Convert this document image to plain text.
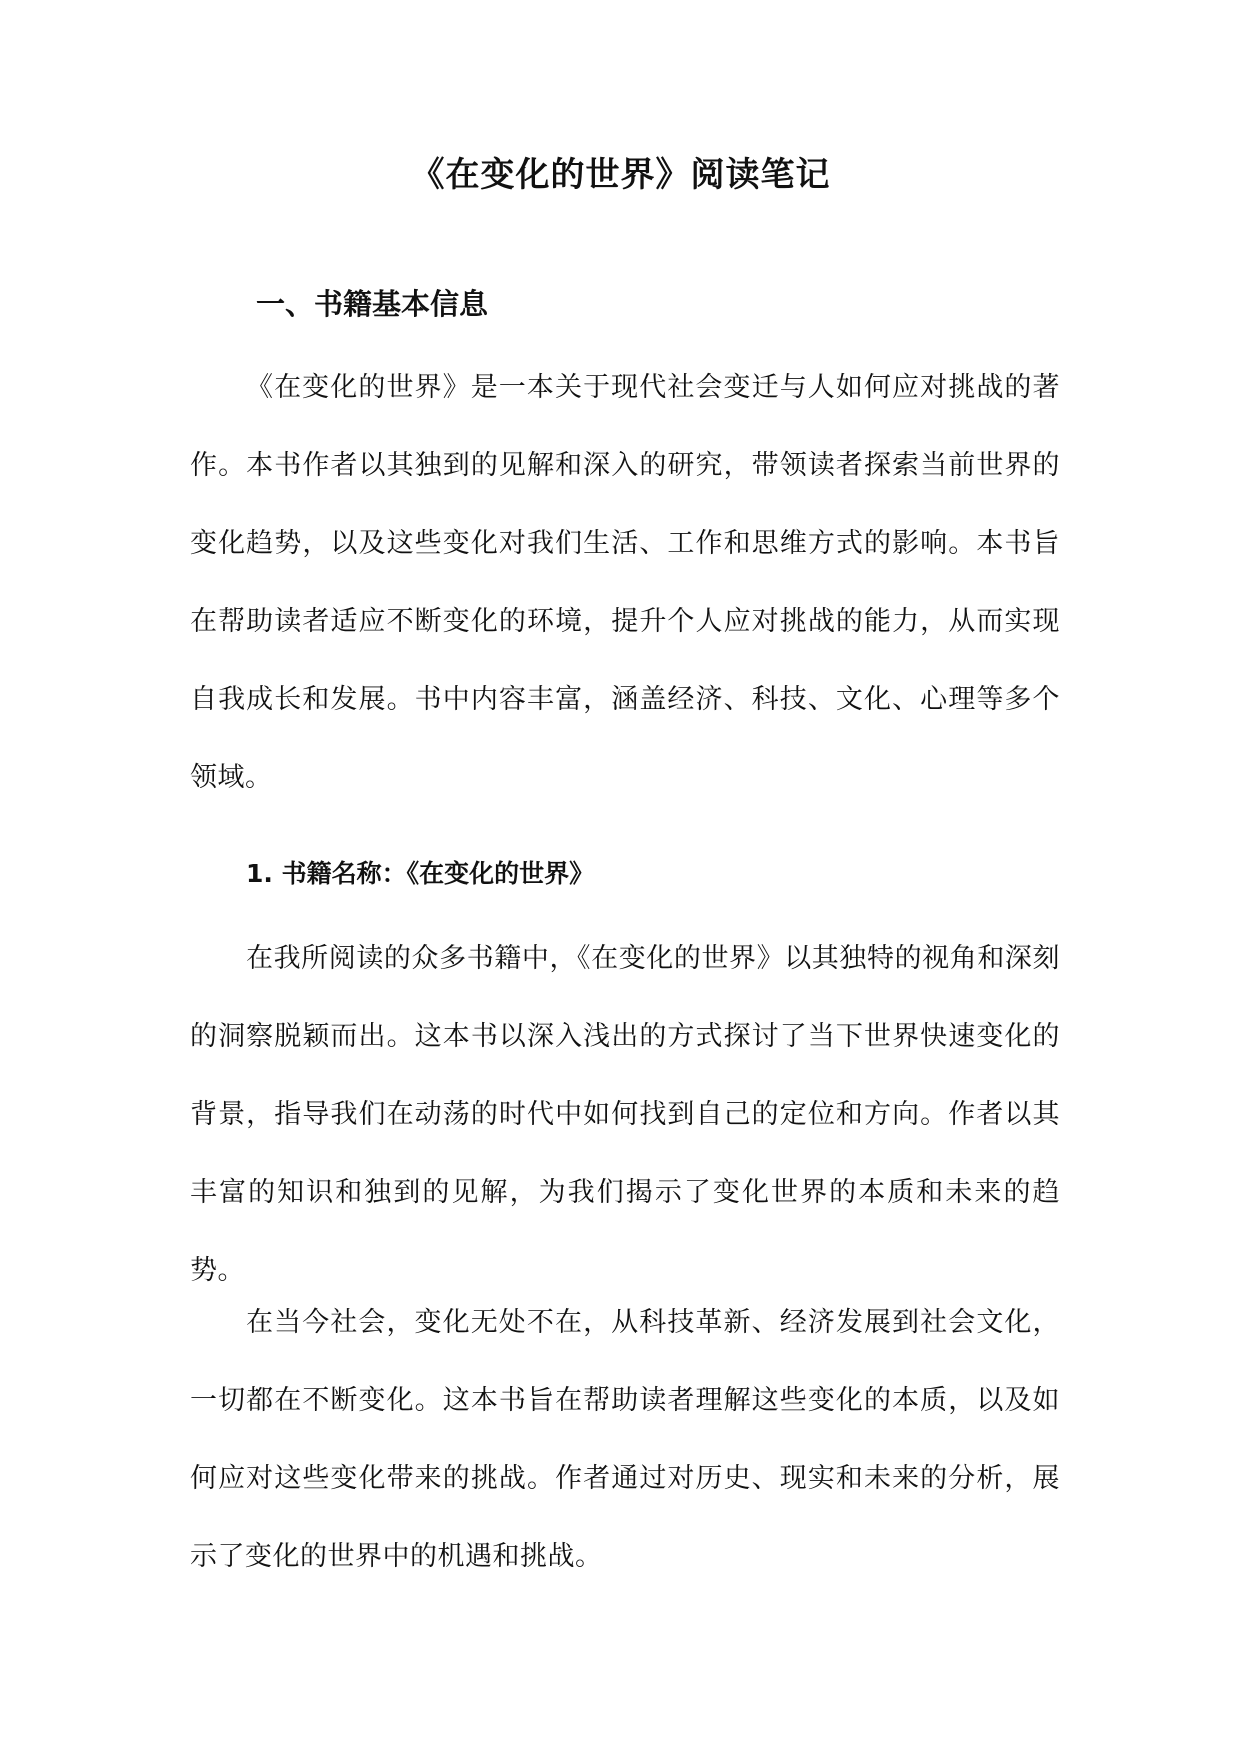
《在变化的世界》阅读笔记
一、书籍基本信息

《在变化的世界》是一本关于现代社会变迁与人如何应对挑战的著作。本书作者以其独到的见解和深入的研究，带领读者探索当前世界的变化趋势，以及这些变化对我们生活、工作和思维方式的影响。本书旨在帮助读者适应不断变化的环境，提升个人应对挑战的能力，从而实现自我成长和发展。书中内容丰富，涵盖经济、科技、文化、心理等多个领域。

1. 书籍名称：《在变化的世界》

在我所阅读的众多书籍中，《在变化的世界》以其独特的视角和深刻的洞察脱颖而出。这本书以深入浅出的方式探讨了当下世界快速变化的背景，指导我们在动荡的时代中如何找到自己的定位和方向。作者以其丰富的知识和独到的见解，为我们揭示了变化世界的本质和未来的趋势。

在当今社会，变化无处不在，从科技革新、经济发展到社会文化，一切都在不断变化。这本书旨在帮助读者理解这些变化的本质，以及如何应对这些变化带来的挑战。作者通过对历史、现实和未来的分析，展示了变化的世界中的机遇和挑战。
